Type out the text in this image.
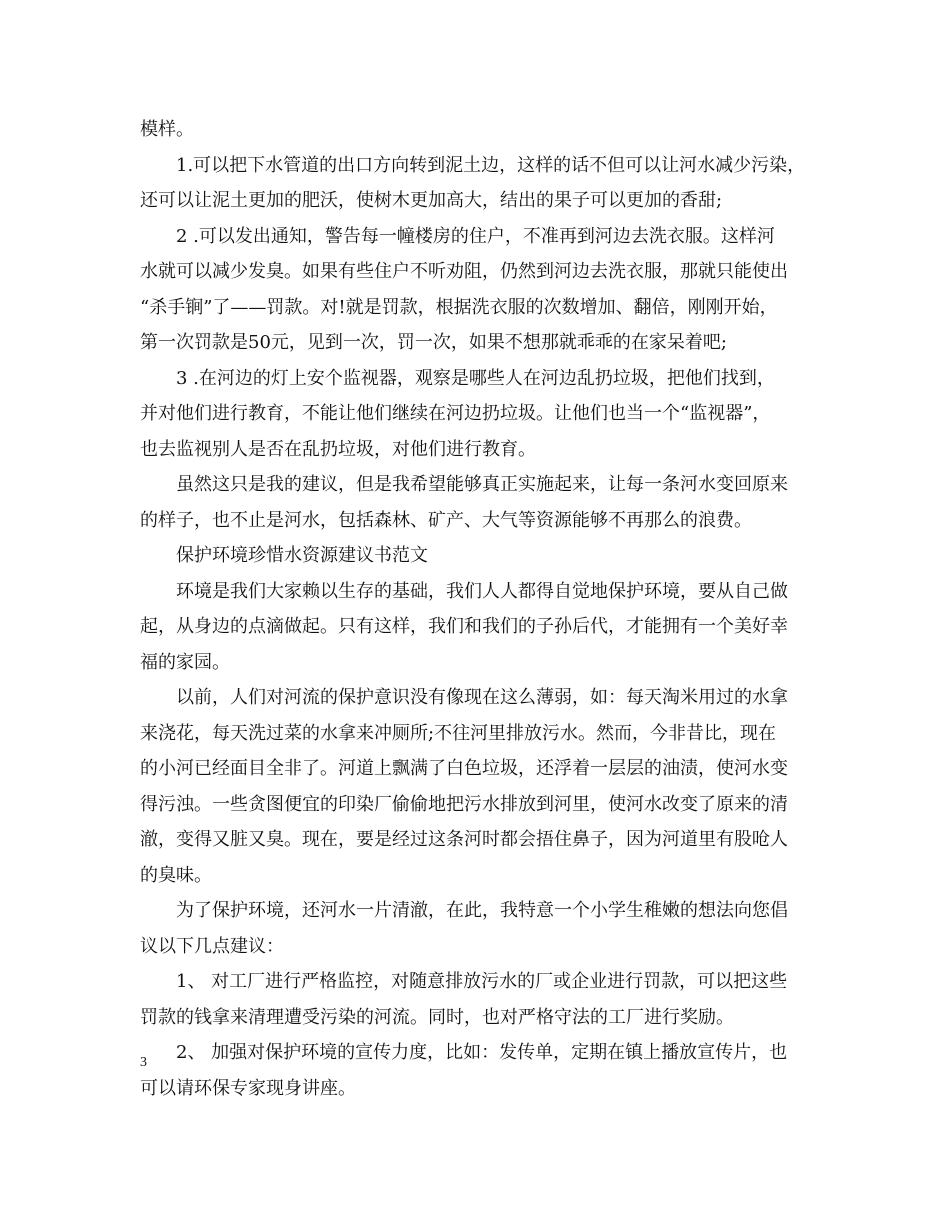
模样。
1.可以把下水管道的出口方向转到泥土边，这样的话不但可以让河水减少污染，
还可以让泥土更加的肥沃，使树木更加高大，结出的果子可以更加的香甜;
2 .可以发出通知，警告每一幢楼房的住户，不准再到河边去洗衣服。这样河
水就可以减少发臭。如果有些住户不听劝阻，仍然到河边去洗衣服，那就只能使出
“杀手锏”了——罚款。对!就是罚款，根据洗衣服的次数增加、翻倍，刚刚开始，
第一次罚款是50元，见到一次，罚一次，如果不想那就乖乖的在家呆着吧;
3 .在河边的灯上安个监视器，观察是哪些人在河边乱扔垃圾，把他们找到，
并对他们进行教育，不能让他们继续在河边扔垃圾。让他们也当一个“监视器”，
也去监视别人是否在乱扔垃圾，对他们进行教育。
虽然这只是我的建议，但是我希望能够真正实施起来，让每一条河水变回原来
的样子，也不止是河水，包括森林、矿产、大气等资源能够不再那么的浪费。
保护环境珍惜水资源建议书范文
环境是我们大家赖以生存的基础，我们人人都得自觉地保护环境，要从自己做
起，从身边的点滴做起。只有这样，我们和我们的子孙后代，才能拥有一个美好幸
福的家园。
以前，人们对河流的保护意识没有像现在这么薄弱，如：每天淘米用过的水拿
来浇花，每天洗过菜的水拿来冲厕所;不往河里排放污水。然而，今非昔比，现在
的小河已经面目全非了。河道上飘满了白色垃圾，还浮着一层层的油渍，使河水变
得污浊。一些贪图便宜的印染厂偷偷地把污水排放到河里，使河水改变了原来的清
澈，变得又脏又臭。现在，要是经过这条河时都会捂住鼻子，因为河道里有股呛人
的臭味。
为了保护环境，还河水一片清澈，在此，我特意一个小学生稚嫩的想法向您倡
议以下几点建议：
1、 对工厂进行严格监控，对随意排放污水的厂或企业进行罚款，可以把这些
罚款的钱拿来清理遭受污染的河流。同时，也对严格守法的工厂进行奖励。
2、 加强对保护环境的宣传力度，比如：发传单，定期在镇上播放宣传片，也
可以请环保专家现身讲座。
3
